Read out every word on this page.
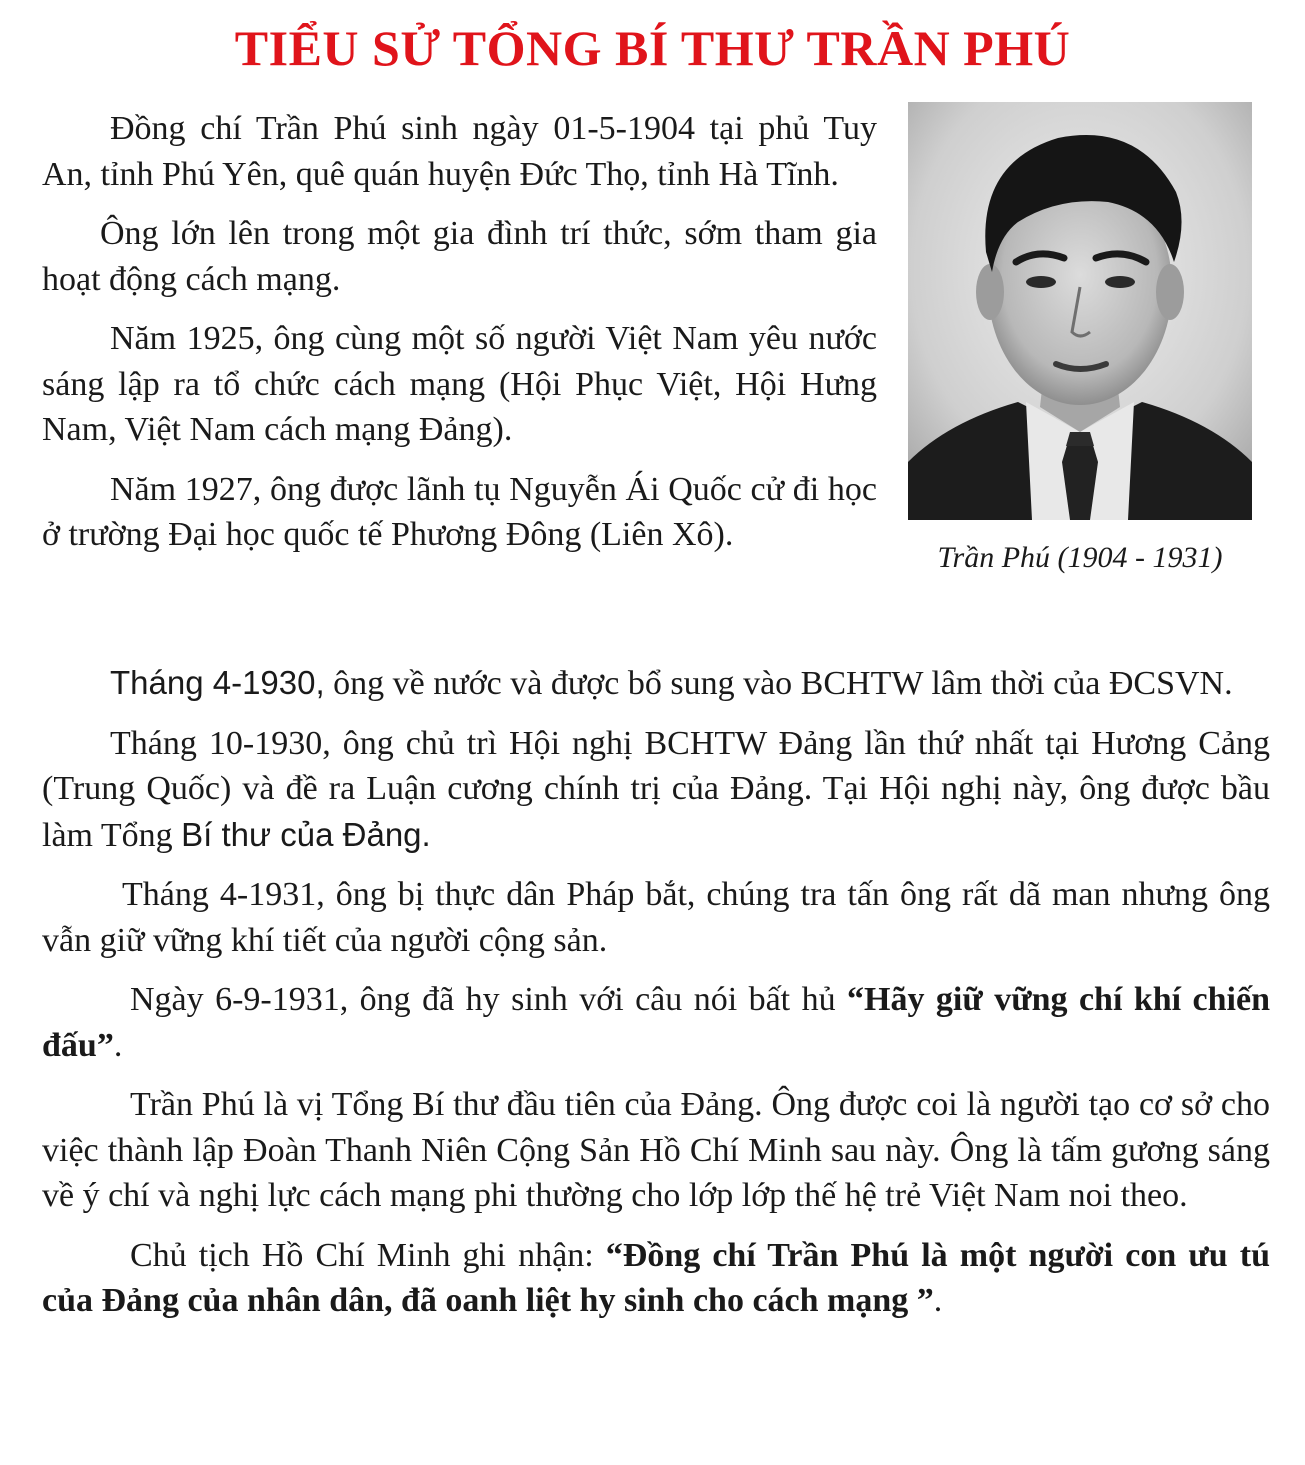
TIỂU SỬ TỔNG BÍ THƯ TRẦN PHÚ

Đồng chí Trần Phú sinh ngày 01-5-1904 tại phủ Tuy An, tỉnh Phú Yên, quê quán huyện Đức Thọ, tỉnh Hà Tĩnh.

Ông lớn lên trong một gia đình trí thức, sớm tham gia hoạt động cách mạng.

Năm 1925, ông cùng một số người Việt Nam yêu nước sáng lập ra tổ chức cách mạng (Hội Phục Việt, Hội Hưng Nam, Việt Nam cách mạng Đảng).

Năm 1927, ông được lãnh tụ Nguyễn Ái Quốc cử đi học ở trường Đại học quốc tế Phương Đông (Liên Xô).

Trần Phú (1904 - 1931)

Tháng 4-1930, ông về nước và được bổ sung vào BCHTW lâm thời của ĐCSVN.

Tháng 10-1930, ông chủ trì Hội nghị BCHTW Đảng lần thứ nhất tại Hương Cảng (Trung Quốc) và đề ra Luận cương chính trị của Đảng. Tại Hội nghị này, ông được bầu làm Tổng Bí thư của Đảng.

Tháng 4-1931, ông bị thực dân Pháp bắt, chúng tra tấn ông rất dã man nhưng ông vẫn giữ vững khí tiết của người cộng sản.

Ngày 6-9-1931, ông đã hy sinh với câu nói bất hủ “Hãy giữ vững chí khí chiến đấu”.

Trần Phú là vị Tổng Bí thư đầu tiên của Đảng. Ông được coi là người tạo cơ sở cho việc thành lập Đoàn Thanh Niên Cộng Sản Hồ Chí Minh sau này. Ông là tấm gương sáng về ý chí và nghị lực cách mạng phi thường cho lớp lớp thế hệ trẻ Việt Nam noi theo.

Chủ tịch Hồ Chí Minh ghi nhận: “Đồng chí Trần Phú là một người con ưu tú của Đảng của nhân dân, đã oanh liệt hy sinh cho cách mạng ”.
